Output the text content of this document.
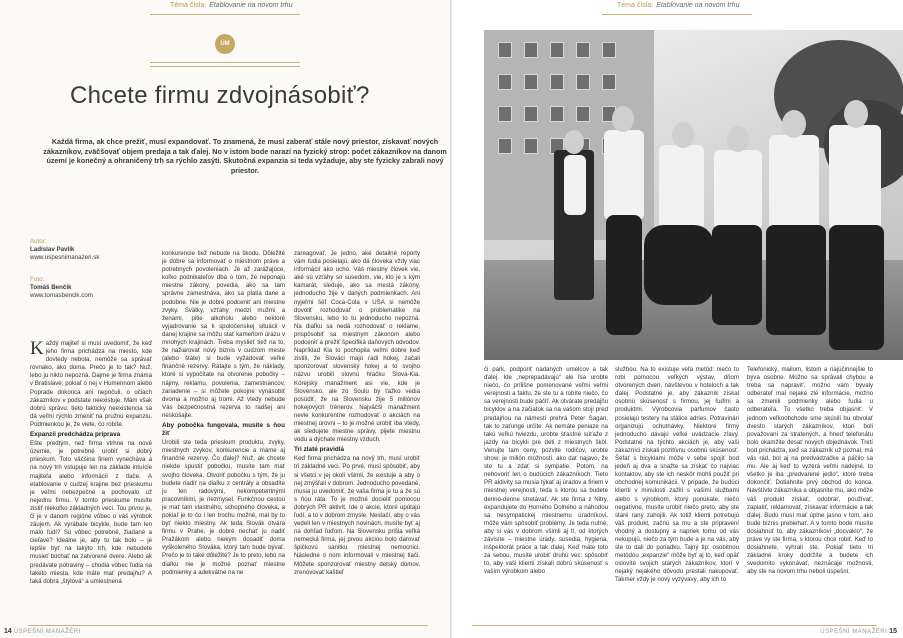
Téma čísla: Etablovanie na novom trhu
ÚM
Chcete firmu zdvojnásobiť?

Každá firma, ak chce prežiť, musí expandovať. To znamená, že musí zaberať stále nový priestor, získavať nových zákazníkov, zväčšovať objem predaja a tak ďalej. No v istom bode narazí na fyzický strop: počet zákazníkov na danom území je konečný a ohraničený trh sa rýchlo zasýti. Skutočná expanzia si teda vyžaduje, aby ste fyzicky zabrali nový priestor.

Autor:
Ladislav Pavlík
www.uspesnimanazeri.sk
Foto:
Tomáš Benčík
www.tomasbencik.com

Každý majiteľ si musí uvedomiť, že keď jeho firma prichádza na miesto, kde dovtedy nebola, nemôže sa správať rovnako, ako doma. Prečo je to tak? Nuž, lebo ju nikto nepozná. Dajme je firma známa v Bratislave; pokiaľ o nej v Humennom alebo Poprade dokonca ani nepočuli, o očiach zákazníkov v podstate neexistuje. Mám však dobrú správu: tieto fakticky neexistencia sa dá veľmi rýchlo zmeniť na pružnú expanziu. Podmienkou je, že viete, čo robíte.

Expanzii predchádza príprava

Ešte predtým, než firma vtrhne na nové územie, je potrebné urobiť si dobrý prieskum. Toto väčšina firiem vynecháva a na nový trh vstupuje len na základe intuície majiteľa alebo informácií z tlače. A etablovanie v cudzej krajine bez prieskumu je veľmi nebezpečné a pochovalo už nejednu firmu. V tomto prieskume musíte zistiť niekoľko základných vecí. Tou prvou je, či je v danom regióne vôbec o váš výrobok záujem. Ak vyrábate bicykle, bude tam len málo ľudí? Sú vôbec potrebné, žiadané a cieľavé? Ideálne je, aby to tak bolo – je lepšie byť na takýto trh, kde nebudete musieť búchať na zatvorené dvere. Alebo ak predávate potraviny – chodia vôbec ľudia na takéto miesta, kde máte mať predajňu? A taká dobrá „štýlová“ a umiestnená

konkurencie tiež nebude na škodu. Dôležité je dobre sa informovať o miestnom práve a potrebných povoleniach. Je až zarážajúce, koľko podnikateľov dbá o tom, že neponajú miestne zákony, povedia, ako sa tam správne zamestnáva, ako sa platia dane a podobne. Nie je dobré podceniť ani miestne zvyky. Svätky, vzťahy medzi mužmi a ženami, pitie alkoholu alebo nektoré vyjadrovanie sa k spoločenskej situácii v danej krajine sa môžu stať kameňom úrazu v mnohých krajinách. Treba myslieť tiež na to, že nažiarovať nový biznis v cudzom meste (alebo štáte) si bude vyžadovať veľké finančné rezervy. Rátajte s tým, že náklady, ktoré si vypočítate na otvorenie pobočky – nájmy, reklamu, povolenia, zamestnancov, zariadenie – si môžete pokojne vynásobiť dvoma a možno aj tromi. Až vtedy nebude Vás bezpečnostná rezerva to radšej ani neskúšajte.

Aby pobočka fungovala, musíte s ňou žiť

Urobili ste teda prieskum produktu, zvyky, miestnych zvykov, konkurencie a máme aj finančné rezervy. Čo ďalej? Nuž, ak chcete niekde spustiť pobočku, musíte tam mať svojho človeka. Otvoriť pobočku s tým, že ju budete riadiť na diaľku z centrály a obsadíte ju len radovými, nekompetentnými pracovníkmi, je nezmysel. Funkčnou cestou je mať tam vlastného, schopného človeka, a pokiaľ je to čo i len trochu možné, mal by to byť niekto miestny. Ak teda Slovák otvára firmu v Prahe, je dobré nechať ju riadiť Pražákom alebo niekým dosadiť doma vyškoleného Slováka, ktorý tam bude bývať. Prečo je to také dôležité? Je to preto, lebo na diaľku nie je možné poznať miestne podmienky a adekvátne na ne

zareagovať. Je jedno, aké detailné reporty vám ľudia posielajú, ako dá človeka vždy viac informácií ako ucho. Váš miestny človek vie, aké sú vzťahy so susedom, vie, kto je s kým kamarát, sleduje, ako sa mestá zákony, jednoducho žije v daných podmienkach. Ani nyjeľmi šéf Coca-Cola v USA si nemôže dovoliť rozhodovať o problematike na Slovensku, lebo to tu jednoducho nepozná. Na diaľku sa nedá rozhodovať o reklame, prispôsobiť sa miestnym zákonom alebo podceniť a prežiť špecifiká daňových odvodov. Napríklad Kia to pochopila veľmi dobre keď zistili, že Slováci majú radi hokej, začali sponzorovať slovenský hokej a to svojho názvu urobili slovnú hračku Slova-Kia. Kórejský manažment asi vie, kde je Slovensko, ale zo Soulu by ťažko vedia posúdiť, že na Slovensku žije 5 miliónov hokejových trénerov. Najväčší manažment nevie konkurentne rozhodovať o akciách na miestnej úrovni – to je možné urobiť iba vtedy, ak sledujete miestne správy, pijete miestnu vodu a dýchate miestny vzduch.

Tri zlaté pravidlá

Keď firma prichádza na nový trh, musí urobiť tri základné veci. Po prvé, musí spôsobiť, aby si všetci v jej okolí všimli, že existuje a aby o nej zmýšľali v dobrom. Jednoducho povedané, musia ju uvedomiť, že vaša firma je tu a že sú s ňou ráta. To je možné docieliť pomocou dobrých PR aktivít. Ide o akcie, ktoré upútajú ľudí, a to v dobrom zmysle. Nestačí, aby o vás vedeli len v miestnych novinách, musíte byť aj na dohľad ľuďom. Na Slovensku prišla veľká nemecká firma, jej prvou akciou bolo darovať špičkovú sanitku miestnej nemocnici. Následne o nom informovali v miestnej tlači. Môžete sponzorovať miestny detský domov, zrenovovať kaštieľ

14 ÚSPEŠNÍ MANAŽÉRI
Téma čísla: Etablovanie na novom trhu

či park, podporiť nadaných umelcov a tak ďalej. Ide „neprepadávajú“ ale ľsa urobte niečo, čo prílišne pomenované veľmi veľmi verejnosti a faktu, že ste tu a robíte niečo, čo sa verejnosti bude páčiť. Ak otvárate predajňu bicyklov a na začiatok sa na vašom stojí pred predajňou na námestí prehrá Peter Sagan, tak to zaťungé určite. Ak nemáte peniaze na takú veľkú hviezdu, urobte šťastné súťaže z jazdy na bicykli pre deti z miestnych škôl. Venujte tam ceny, pozvite rodičov, urobte show: je milión možností, ako dať najavo, že ste tu a zdať si sympatie. Potom, na nehovoriť len o budúcich zákazníkoch. Tieto PR aktivity sa musia týkať aj úradov a firiem v miestnej verejnosti, teda s ktorou sa budete denno-denne stretávať. Ak ste firma z Nitry, expandujete do Horného Dolného a náhodou sa nesympatickej miestnemu úradníkovi, môže vám spôsobiť problémy. Je teda nutné, aby si vás v dobrom všimli aj tí, od ktorých závisíte – miestne úrady, susedia, hygiena, inšpektorát práce a tak ďalej. Keď máte toto za sebou, musíte urobiť druhú vec: spôsobiť to, aby vaši klienti získali dobrú skúsenosť s vaším výrobkom alebo

službou. Na to existuje veľa metód: niečo to robí pomocou veľkých výstav, dňom otvorených dverí, návštevou v hoteloch a tak ďalej. Podstatné je, aby zákazník získal osobnú skúsenosť s firmou, jej ľuďmi a produktmi. Výrobcovia parfumov často posielajú testery na stálice adries. Potravinári organizujú ochutnávky. Niektoré firmy jednoducho dávajú veľké uvádzacie zľavy. Podstatné na týchto akciách je, aby vaši zákazníci získali pozitívnu osobnú skúsenosť. Šéfať s bicyklami môže v sebe spojiť bod jedeň aj dva a snažte sa získať čo najviac kontaktov, aby ste ich neskôr mohli použiť pri obchodnej komunikácii. V prípade, že budúci klienti v minulosti zažili s vašimi službami alebo s výrobkom, ktorý ponúkate, niečo negatívne, musíte urobiť niečo preto, aby ste staré rany zahojili. Ak totiž klienti potrebujú váš produkt, začnú sa mu a ste pripravení vhodný a dostupný a napriek tomu od vás nekupujú, niečo za tým bude a je na vás, aby ste to dali do poriadku. Tajný tip: osobitnou metódou „expanzie“ môže byť aj to, keď opäť oslovíte svojich starých zákazníkov, ktorí v nejaký nejakého dôvodu prestali nakupovať. Takmer vždy je nový vyzývavý, aby ich to

Telefonický, mailom, listom a najúčinnejšie to býva osobne. Možno sa správali chybou a treba sa napraviť, možno vám bývaly odberateľ mal nejaké zlé informácie, možno sa zmenili podmienky alebo ľudia u odberateľa. To všetko treba objasniť. V jednom veľkoobchode sme skúsili bu obvolať dvesto starých zákazníkov, ktorí boli považovaní za stratených, a hneď telefonátu bolo okamžite desať nových objednávok. Tretí bod prichádza, keď sa zákazník už poznal, má vás rád, bol aj na predvádzačke a páčilo sa mu. Ale aj keď to vyzerá veľmi nádejné, to všetko je iba „predvarené jedlo“, ktoré treba dokončiť. Dotiahnite prvý obchod do konca. Navštívte zákazníka a objasnite mu, ako môže váš produkt získať, odobrať, používať, zaplatiť, reklamovať, získavať informácie a tak ďalej. Budú musí mať úplne jasno v tom, ako bude biznis prebiehať. A v tomto bode musíte dosiahnuť to, aby zákazníkovi „docvaklo“, že práve vy ste firma, s ktorou chce robiť. Keď to dosiahnete, vyhrali ste. Pokiaľ tieto tri základné kroky dodržíte a budete ich svedomito vykonávať, neznácaje možnosti, aby ste na novom trhu neboli úspešní.

ÚSPEŠNÍ MANAŽÉRI 15
